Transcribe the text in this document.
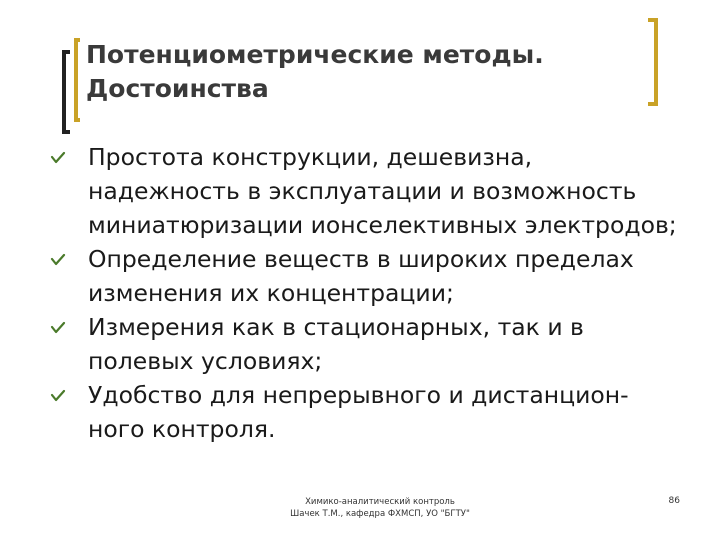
Потенциометрические методы.
Достоинства
Простота конструкции, дешевизна, надежность в эксплуатации и возможность миниатюризации ионселективных электродов;
Определение веществ в широких пределах изменения их концентрации;
Измерения как в стационарных, так и в полевых условиях;
Удобство для непрерывного и дистанцион-ного контроля.
Химико-аналитический контроль
Шачек Т.М., кафедра ФХМСП, УО "БГТУ"
86
